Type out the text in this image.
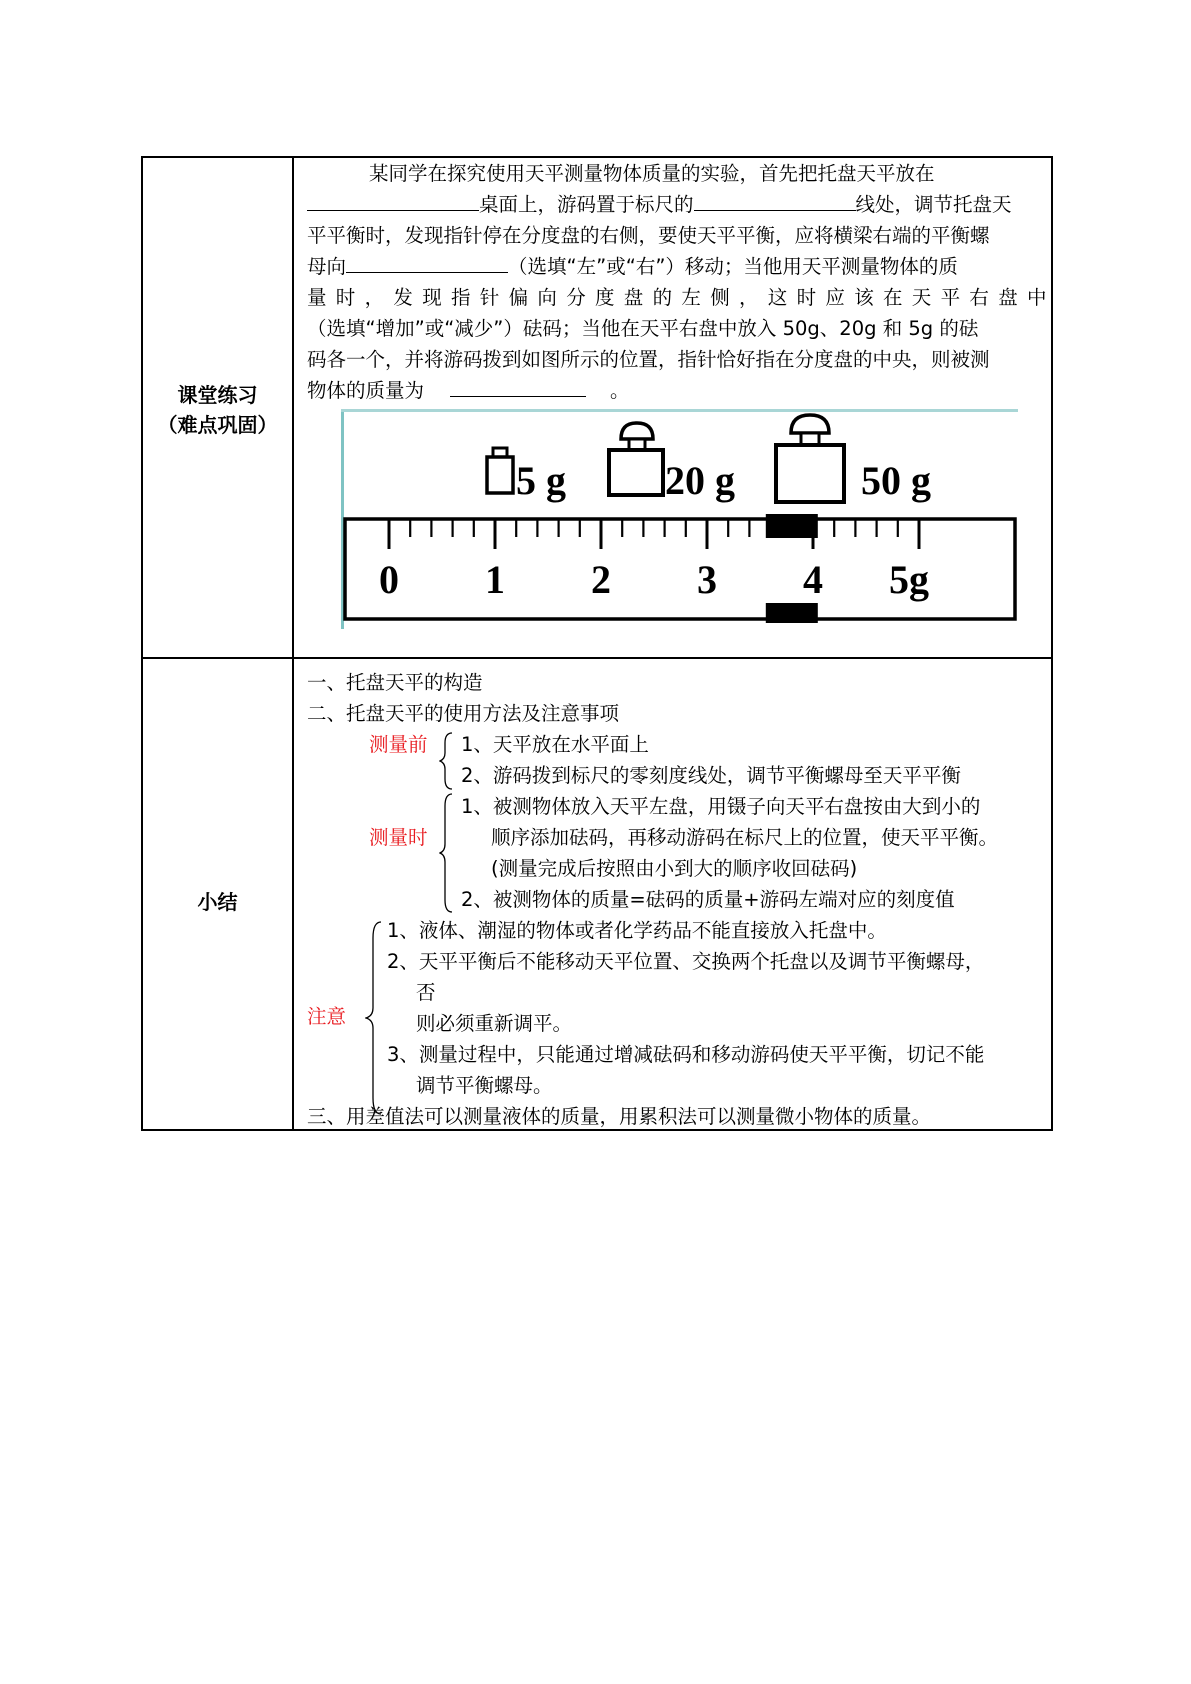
课堂练习
（难点巩固）
某同学在探究使用天平测量物体质量的实验，首先把托盘天平放在
桌面上，游码置于标尺的	线处，调节托盘天
平平衡时，发现指针停在分度盘的右侧，要使天平平衡，应将横梁右端的平衡螺
母向	（选填“左”或“右”）移动；当他用天平测量物体的质
量时，发现指针偏向分度盘的左侧，这时应该在天平右盘中
（选填“增加”或“减少”）砝码；当他在天平右盘中放入 50g、20g 和 5g 的砝
码各一个，并将游码拨到如图所示的位置，指针恰好指在分度盘的中央，则被测
物体的质量为	。
5 g 20 g	50 g
0 1 2 3 4 5g
小结
一、托盘天平的构造
二、托盘天平的使用方法及注意事项
测量前 1、天平放在水平面上
2、游码拨到标尺的零刻度线处，调节平衡螺母至天平平衡
测量时
1、被测物体放入天平左盘，用镊子向天平右盘按由大到小的
顺序添加砝码，再移动游码在标尺上的位置，使天平平衡。
(测量完成后按照由小到大的顺序收回砝码)
2、被测物体的质量=砝码的质量+游码左端对应的刻度值
注意
1、液体、潮湿的物体或者化学药品不能直接放入托盘中。
2、天平平衡后不能移动天平位置、交换两个托盘以及调节平衡螺母，
否
则必须重新调平。
3、测量过程中，只能通过增减砝码和移动游码使天平平衡，切记不能
调节平衡螺母。
三、用差值法可以测量液体的质量，用累积法可以测量微小物体的质量。
